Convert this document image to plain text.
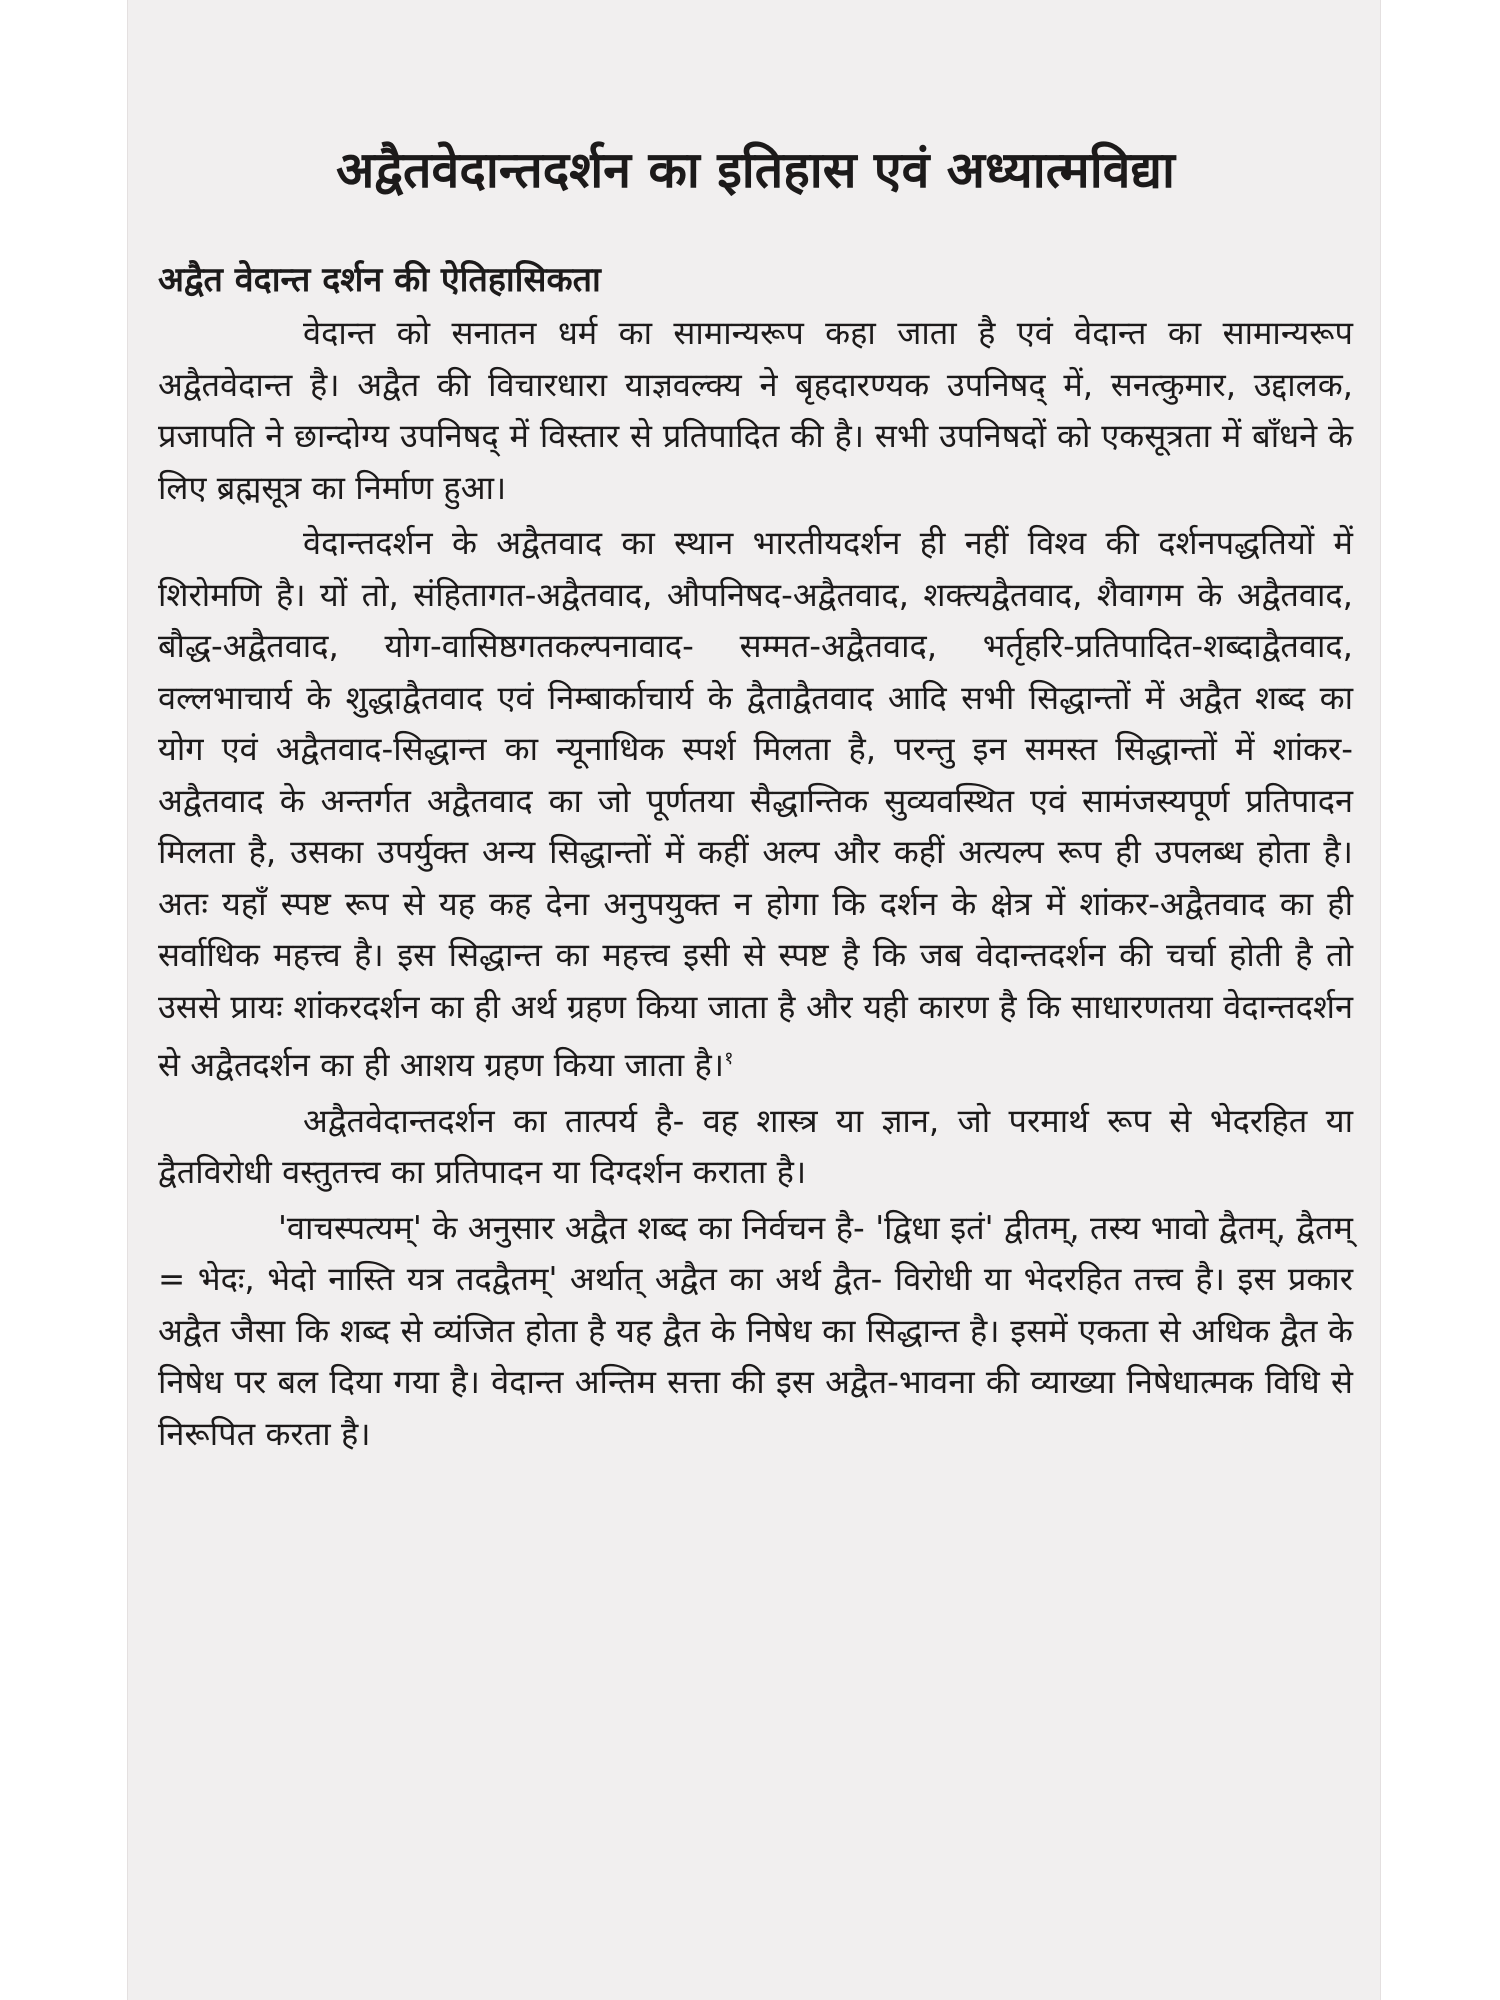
अद्वैतवेदान्तदर्शन का इतिहास एवं अध्यात्मविद्या
अद्वैत वेदान्त दर्शन की ऐतिहासिकता

वेदान्त को सनातन धर्म का सामान्यरूप कहा जाता है एवं वेदान्त का सामान्यरूप अद्वैतवेदान्त है। अद्वैत की विचारधारा याज्ञवल्क्य ने बृहदारण्यक उपनिषद् में, सनत्कुमार, उद्दालक, प्रजापति ने छान्दोग्य उपनिषद् में विस्तार से प्रतिपादित की है। सभी उपनिषदों को एकसूत्रता में बाँधने के लिए ब्रह्मसूत्र का निर्माण हुआ।

वेदान्तदर्शन के अद्वैतवाद का स्थान भारतीयदर्शन ही नहीं विश्व की दर्शनपद्धतियों में शिरोमणि है। यों तो, संहितागत-अद्वैतवाद, औपनिषद-अद्वैतवाद, शक्त्यद्वैतवाद, शैवागम के अद्वैतवाद, बौद्ध-अद्वैतवाद, योग-वासिष्ठगतकल्पनावाद- सम्मत-अद्वैतवाद, भर्तृहरि-प्रतिपादित-शब्दाद्वैतवाद, वल्लभाचार्य के शुद्धाद्वैतवाद एवं निम्बार्काचार्य के द्वैताद्वैतवाद आदि सभी सिद्धान्तों में अद्वैत शब्द का योग एवं अद्वैतवाद-सिद्धान्त का न्यूनाधिक स्पर्श मिलता है, परन्तु इन समस्त सिद्धान्तों में शांकर-अद्वैतवाद के अन्तर्गत अद्वैतवाद का जो पूर्णतया सैद्धान्तिक सुव्यवस्थित एवं सामंजस्यपूर्ण प्रतिपादन मिलता है, उसका उपर्युक्त अन्य सिद्धान्तों में कहीं अल्प और कहीं अत्यल्प रूप ही उपलब्ध होता है। अतः यहाँ स्पष्ट रूप से यह कह देना अनुपयुक्त न होगा कि दर्शन के क्षेत्र में शांकर-अद्वैतवाद का ही सर्वाधिक महत्त्व है। इस सिद्धान्त का महत्त्व इसी से स्पष्ट है कि जब वेदान्तदर्शन की चर्चा होती है तो उससे प्रायः शांकरदर्शन का ही अर्थ ग्रहण किया जाता है और यही कारण है कि साधारणतया वेदान्तदर्शन से अद्वैतदर्शन का ही आशय ग्रहण किया जाता है।$^१$

अद्वैतवेदान्तदर्शन का तात्पर्य है- वह शास्त्र या ज्ञान, जो परमार्थ रूप से भेदरहित या द्वैतविरोधी वस्तुतत्त्व का प्रतिपादन या दिग्दर्शन कराता है।

'वाचस्पत्यम्' के अनुसार अद्वैत शब्द का निर्वचन है- 'द्विधा इतं' द्वीतम्, तस्य भावो द्वैतम्, द्वैतम् = भेदः, भेदो नास्ति यत्र तदद्वैतम्' अर्थात् अद्वैत का अर्थ द्वैत- विरोधी या भेदरहित तत्त्व है। इस प्रकार अद्वैत जैसा कि शब्द से व्यंजित होता है यह द्वैत के निषेध का सिद्धान्त है। इसमें एकता से अधिक द्वैत के निषेध पर बल दिया गया है। वेदान्त अन्तिम सत्ता की इस अद्वैत-भावना की व्याख्या निषेधात्मक विधि से निरूपित करता है।
